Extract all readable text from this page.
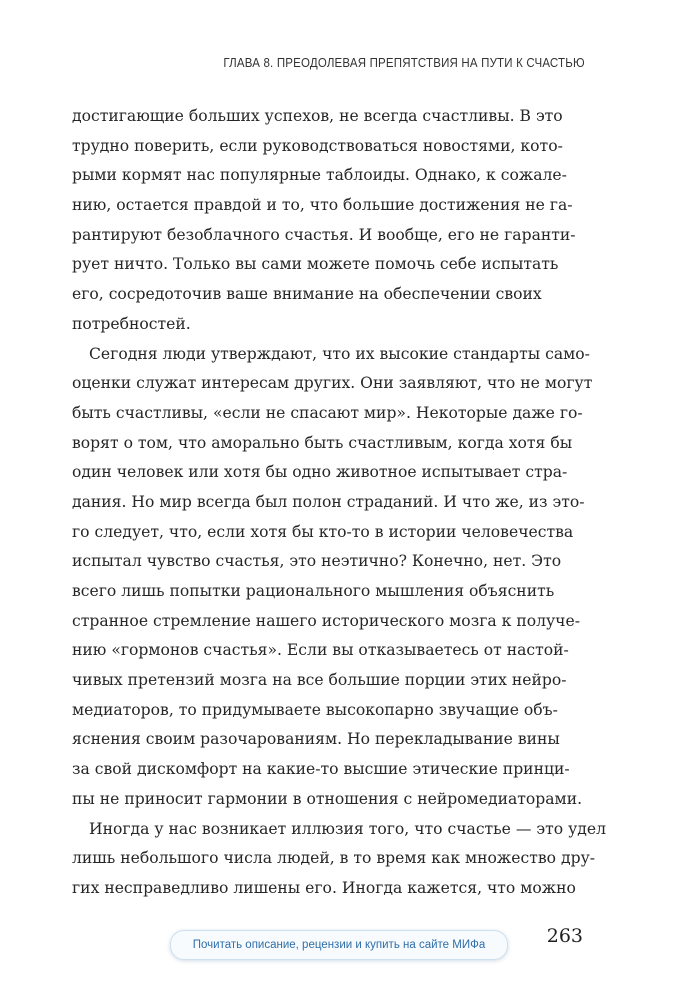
ГЛАВА 8. ПРЕОДОЛЕВАЯ ПРЕПЯТСТВИЯ НА ПУТИ К СЧАСТЬЮ
достигающие больших успехов, не всегда счастливы. В это
трудно поверить, если руководствоваться новостями, кото-
рыми кормят нас популярные таблоиды. Однако, к сожале-
нию, остается правдой и то, что большие достижения не га-
рантируют безоблачного счастья. И вообще, его не гаранти-
рует ничто. Только вы сами можете помочь себе испытать
его, сосредоточив ваше внимание на обеспечении своих
потребностей.
Сегодня люди утверждают, что их высокие стандарты само-
оценки служат интересам других. Они заявляют, что не могут
быть счастливы, «если не спасают мир». Некоторые даже го-
ворят о том, что аморально быть счастливым, когда хотя бы
один человек или хотя бы одно животное испытывает стра-
дания. Но мир всегда был полон страданий. И что же, из это-
го следует, что, если хотя бы кто-то в истории человечества
испытал чувство счастья, это неэтично? Конечно, нет. Это
всего лишь попытки рационального мышления объяснить
странное стремление нашего исторического мозга к получе-
нию «гормонов счастья». Если вы отказываетесь от настой-
чивых претензий мозга на все большие порции этих нейро-
медиаторов, то придумываете высокопарно звучащие объ-
яснения своим разочарованиям. Но перекладывание вины
за свой дискомфорт на какие-то высшие этические принци-
пы не приносит гармонии в отношения с нейромедиаторами.
Иногда у нас возникает иллюзия того, что счастье — это удел
лишь небольшого числа людей, в то время как множество дру-
гих несправедливо лишены его. Иногда кажется, что можно
Почитать описание, рецензии и купить на сайте МИФа	263
